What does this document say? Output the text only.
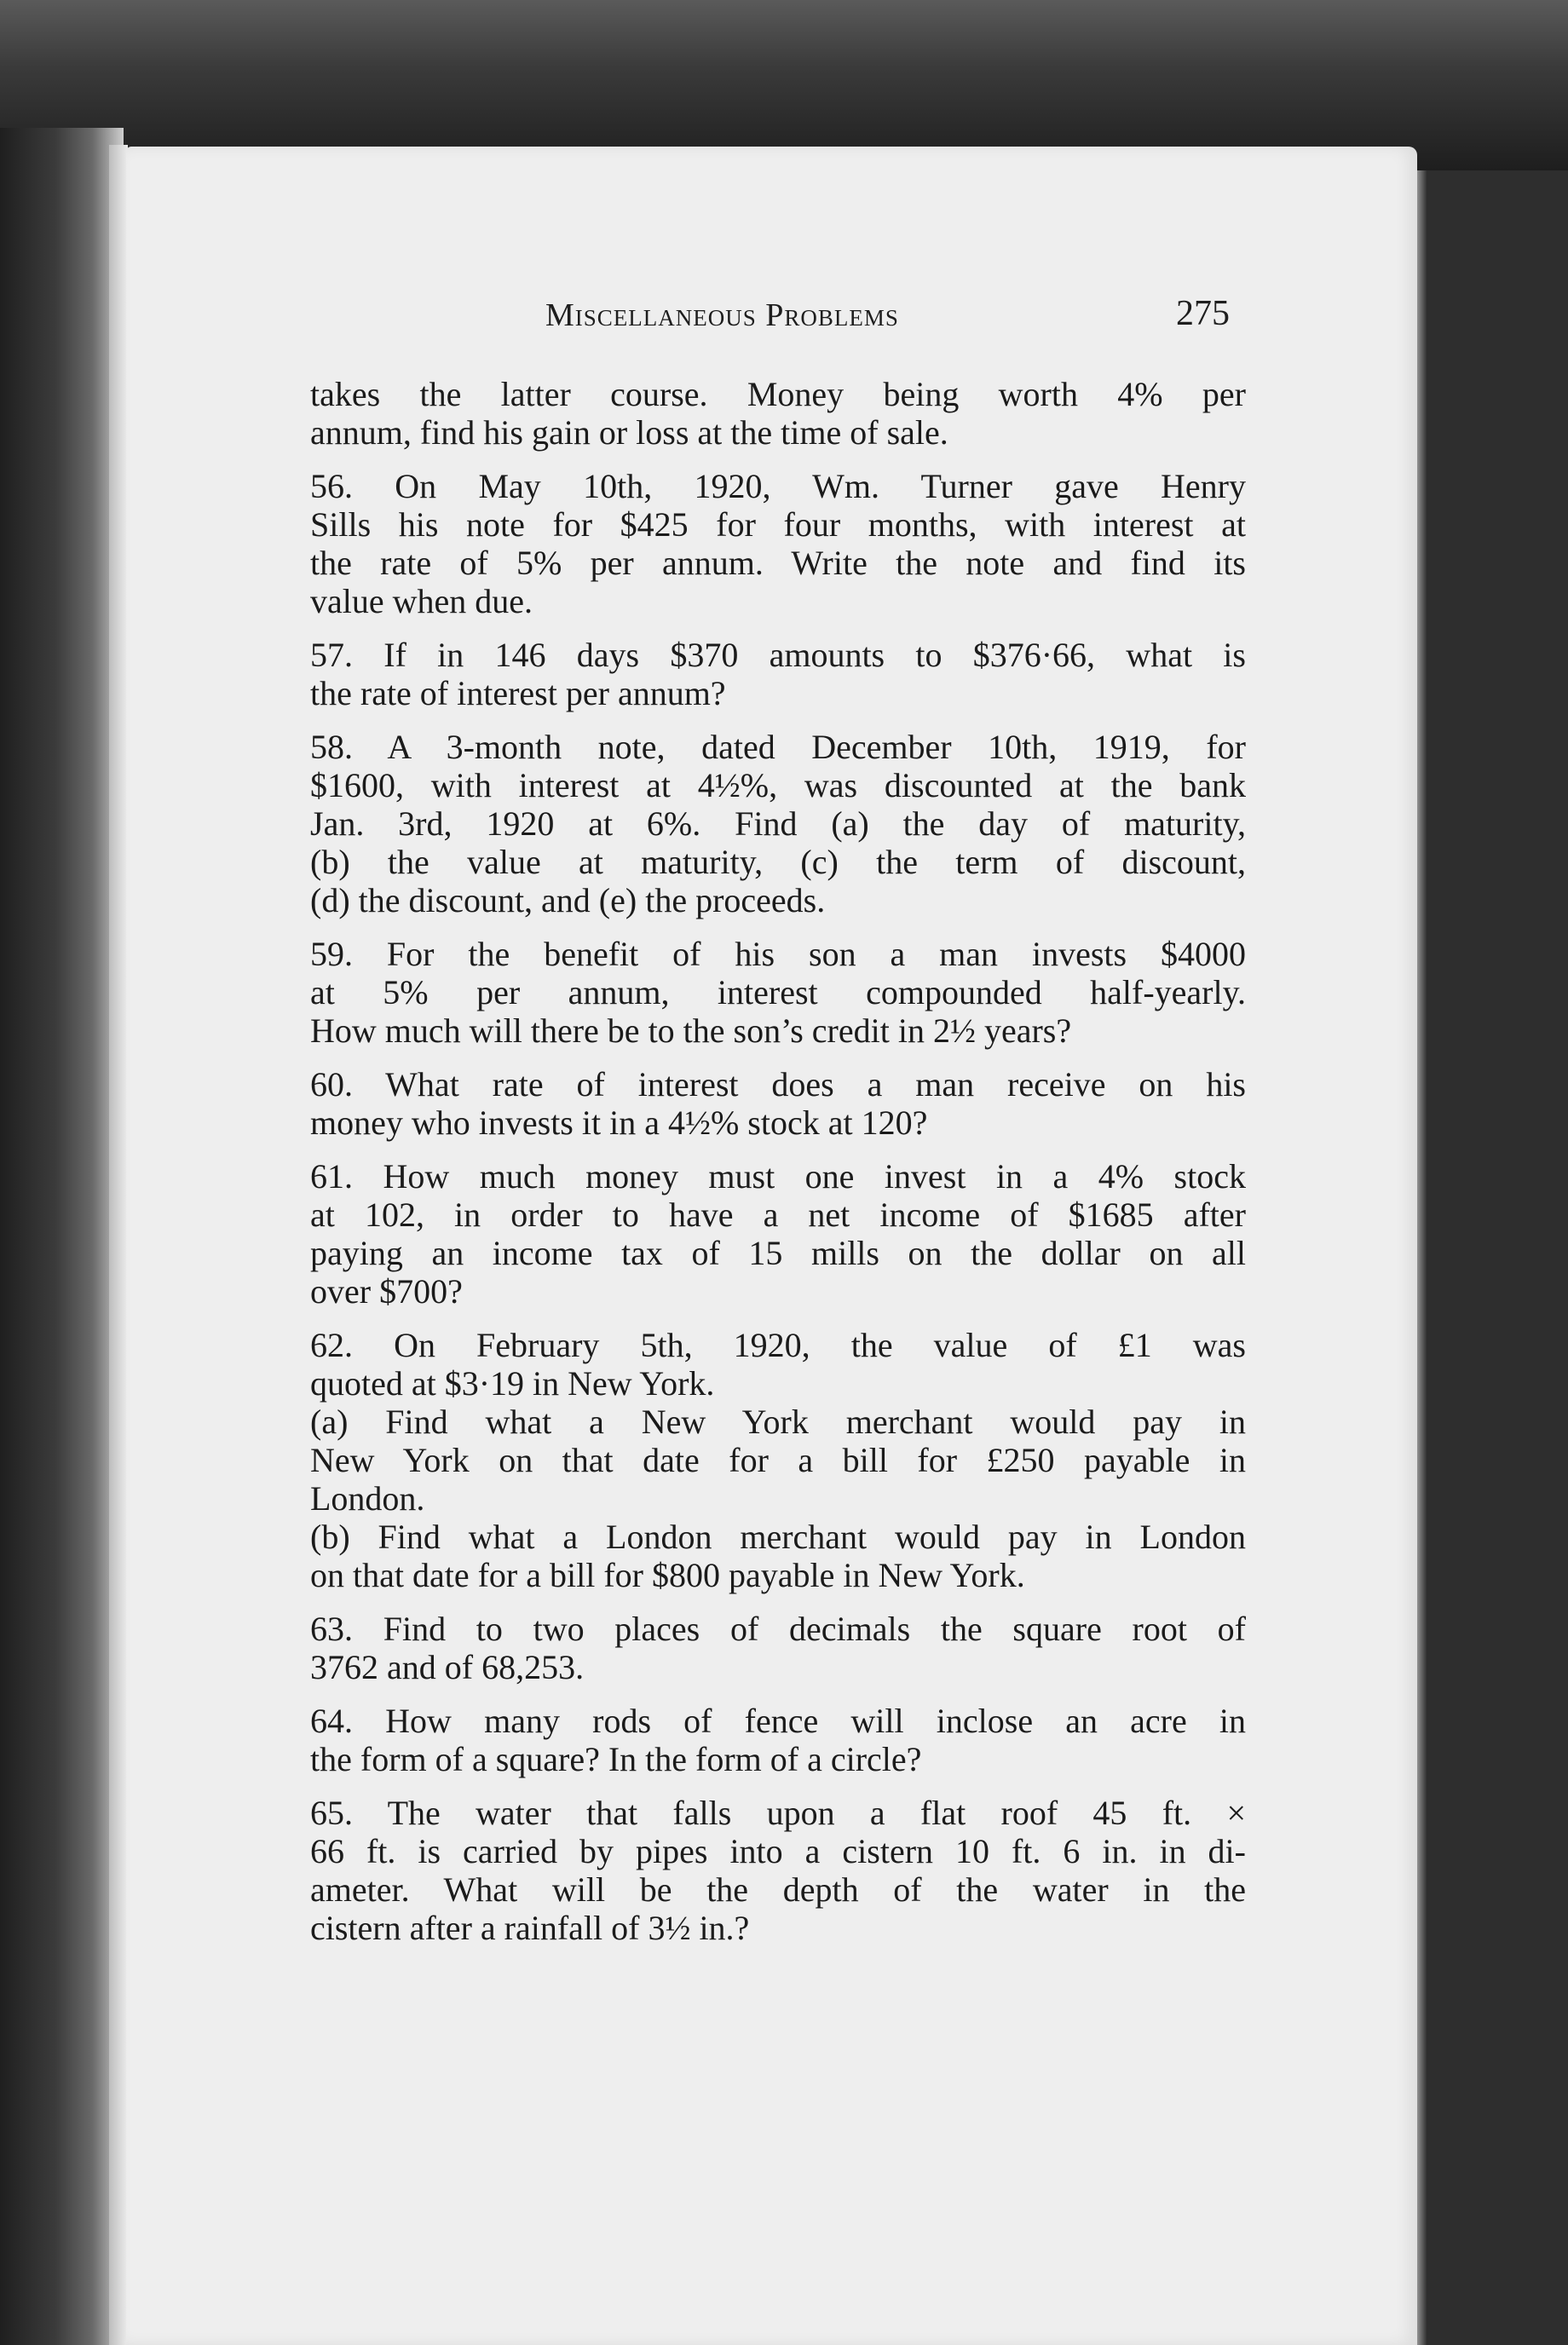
Miscellaneous Problems	275
takes the latter course. Money being worth 4% per
annum, find his gain or loss at the time of sale.
56. On May 10th, 1920, Wm. Turner gave Henry
Sills his note for $425 for four months, with interest at
the rate of 5% per annum. Write the note and find its
value when due.
57. If in 146 days $370 amounts to $376·66, what is
the rate of interest per annum?
58. A 3-month note, dated December 10th, 1919, for
$1600, with interest at 4½%, was discounted at the bank
Jan. 3rd, 1920 at 6%. Find (a) the day of maturity,
(b) the value at maturity, (c) the term of discount,
(d) the discount, and (e) the proceeds.
59. For the benefit of his son a man invests $4000
at 5% per annum, interest compounded half-yearly.
How much will there be to the son’s credit in 2½ years?
60. What rate of interest does a man receive on his
money who invests it in a 4½% stock at 120?
61. How much money must one invest in a 4% stock
at 102, in order to have a net income of $1685 after
paying an income tax of 15 mills on the dollar on all
over $700?
62. On February 5th, 1920, the value of £1 was
quoted at $3·19 in New York.
(a) Find what a New York merchant would pay in
New York on that date for a bill for £250 payable in
London.
(b) Find what a London merchant would pay in London
on that date for a bill for $800 payable in New York.
63. Find to two places of decimals the square root of
3762 and of 68,253.
64. How many rods of fence will inclose an acre in
the form of a square? In the form of a circle?
65. The water that falls upon a flat roof 45 ft. ×
66 ft. is carried by pipes into a cistern 10 ft. 6 in. in di-
ameter. What will be the depth of the water in the
cistern after a rainfall of 3½ in.?
